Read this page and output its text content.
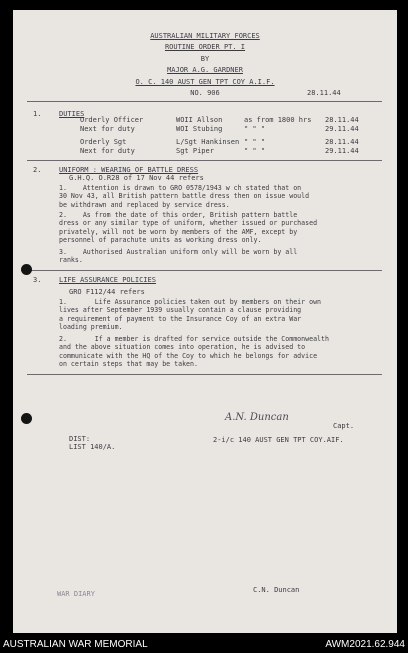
AUSTRALIAN MILITARY FORCES
ROUTINE ORDER PT. I
BY
MAJOR A.G. GARDNER
O. C. 140 AUST GEN TPT COY A.I.F.
NO. 906	28.11.44
1.	DUTIES
Orderly Officer	WOII Allson	as from 1800 hrs 28.11.44
Next for duty	WOI Stubing	" " "	29.11.44
Orderly Sgt	L/Sgt Hankinsen " " "	28.11.44
Next for duty	Sgt Piper	" " "	29.11.44
2.	UNIFORM : WEARING OF BATTLE DRESS
G.H.Q. O.R28 of 17 Nov 44 refers
1.    Attention is drawn to GRO 0578/1943 w ch stated that on
30 Nov 43, all British pattern battle dress then on issue would
be withdrawn and replaced by service dress.
2.    As from the date of this order, British pattern battle
dress or any similar type of uniform, whether issued or purchased
privately, will not be worn by members of the AMF, except by
personnel of parachute units as working dress only.
3.    Authorised Australian uniform only will be worn by all
ranks.
3.	LIFE ASSURANCE POLICIES
GRO F112/44 refers
1.       Life Assurance policies taken out by members on their own
lives after September 1939 usually contain a clause providing
a requirement of payment to the Insurance Coy of an extra War
loading premium.
2.       If a member is drafted for service outside the Commonwealth
and the above situation comes into operation, he is advised to
communicate with the HQ of the Coy to which he belongs for advice
on certain steps that may be taken.
A.N. Duncan
Capt.
2-i/c 140 AUST GEN TPT COY.AIF.
C.N. Duncan
DIST:
LIST 140/A.
WAR DIARY
AUSTRALIAN WAR MEMORIAL	AWM2021.62.944
